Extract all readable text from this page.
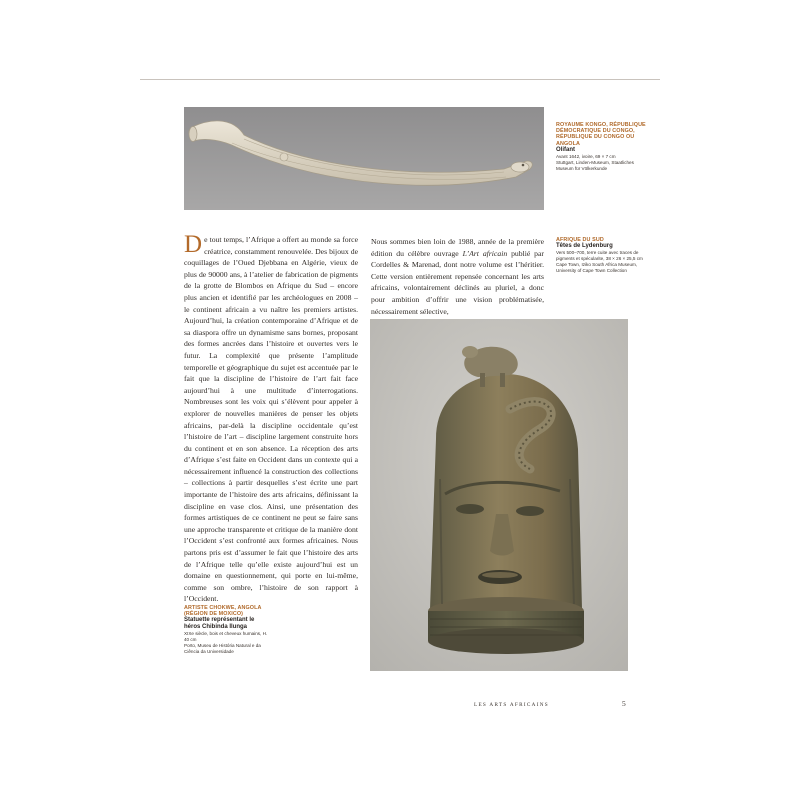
ROYAUME KONGO, RÉPUBLIQUE DÉMOCRATIQUE DU CONGO, RÉPUBLIQUE DU CONGO OU ANGOLA
Olifant
Avant 1642, ivoire, 69 × 7 cm
Stuttgart, Linden-Museum, Staatliches Museum für Völkerkunde
AFRIQUE DU SUD
Têtes de Lydenburg
Vers 500–700, terre cuite avec traces de pigments et spécularite, 38 × 26 × 25,5 cm
Cape Town, Iziko South Africa Museum, University of Cape Town Collection
De tout temps, l’Afrique a offert au monde sa force créatrice, constamment renouvelée. Des bijoux de coquillages de l’Oued Djebbana en Algérie, vieux de plus de 90000 ans, à l’atelier de fabrication de pigments de la grotte de Blombos en Afrique du Sud – encore plus ancien et identifié par les archéologues en 2008 – le continent africain a vu naître les premiers artistes. Aujourd’hui, la création contemporaine d’Afrique et de sa diaspora offre un dynamisme sans bornes, proposant des formes ancrées dans l’histoire et ouvertes vers le futur. La complexité que présente l’amplitude temporelle et géographique du sujet est accentuée par le fait que la discipline de l’histoire de l’art fait face aujourd’hui à une multitude d’interrogations. Nombreuses sont les voix qui s’élèvent pour appeler à explorer de nouvelles manières de penser les objets africains, par-delà la discipline occidentale qu’est l’histoire de l’art – discipline largement construite hors du continent et en son absence. La réception des arts d’Afrique s’est faite en Occident dans un contexte qui a nécessairement influencé la construction des collections – collections à partir desquelles s’est écrite une part importante de l’histoire des arts africains, définissant la discipline en vase clos. Ainsi, une présentation des formes artistiques de ce continent ne peut se faire sans une approche transparente et critique de la manière dont l’Occident s’est confronté aux formes africaines. Nous partons pris est d’assumer le fait que l’histoire des arts de l’Afrique telle qu’elle existe aujourd’hui est un domaine en questionnement, qui porte en lui-même, comme son ombre, l’histoire de son rapport à l’Occident.
Nous sommes bien loin de 1988, année de la première édition du célèbre ouvrage L’Art africain publié par Cordelles & Marenad, dont notre volume est l’héritier. Cette version entièrement repensée concernant les arts africains, volontairement déclinés au pluriel, a donc pour ambition d’offrir une vision problématisée, nécessairement sélective,
ARTISTE CHOKWE, ANGOLA (RÉGION DE MOXICO)
Statuette représentant le héros Chibinda Ilunga
XIXe siècle, bois et cheveux humains, H. 40 cm
Porto, Museu de História Natural e da Ciência da Universidade
LES ARTS AFRICAINS	5
